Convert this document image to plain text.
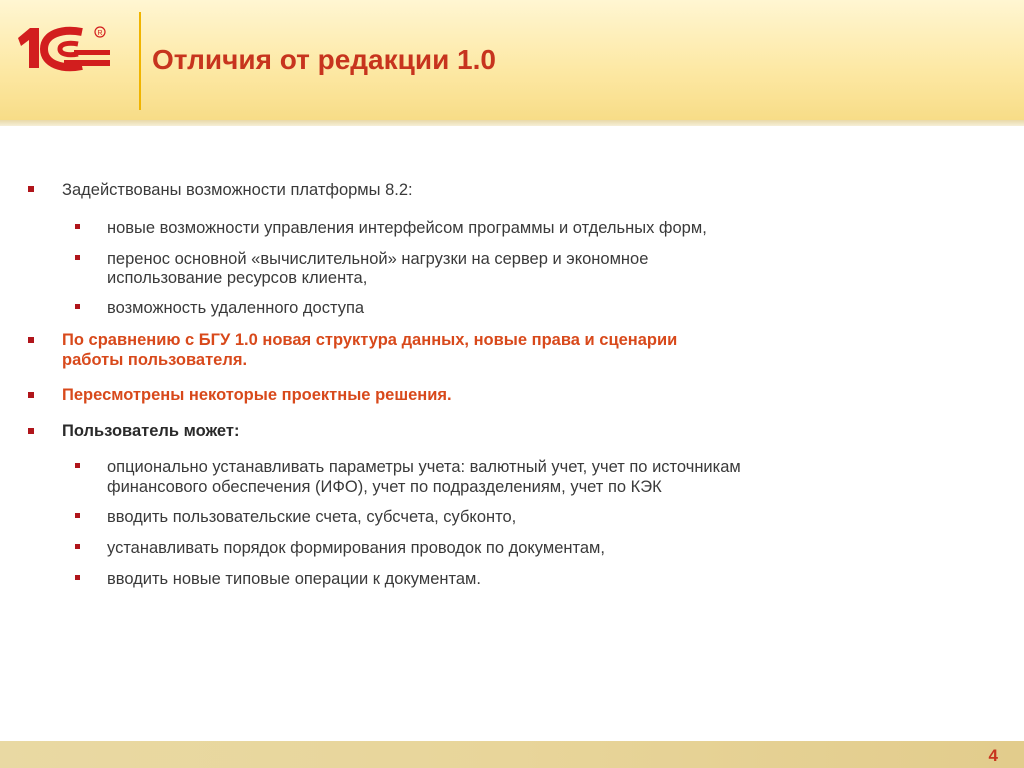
R
Отличия от редакции 1.0
Задействованы возможности платформы 8.2:
новые возможности управления интерфейсом программы и отдельных форм,
перенос основной «вычислительной» нагрузки на сервер и экономное
использование ресурсов клиента,
возможность удаленного доступа
По сравнению с БГУ 1.0 новая структура данных, новые права и сценарии
работы пользователя.
Пересмотрены некоторые проектные решения.
Пользователь может:
опционально устанавливать параметры учета: валютный учет, учет по источникам
финансового обеспечения (ИФО), учет по подразделениям, учет по КЭК
вводить пользовательские счета, субсчета, субконто,
устанавливать порядок формирования проводок по документам,
вводить новые типовые операции к документам.
4
